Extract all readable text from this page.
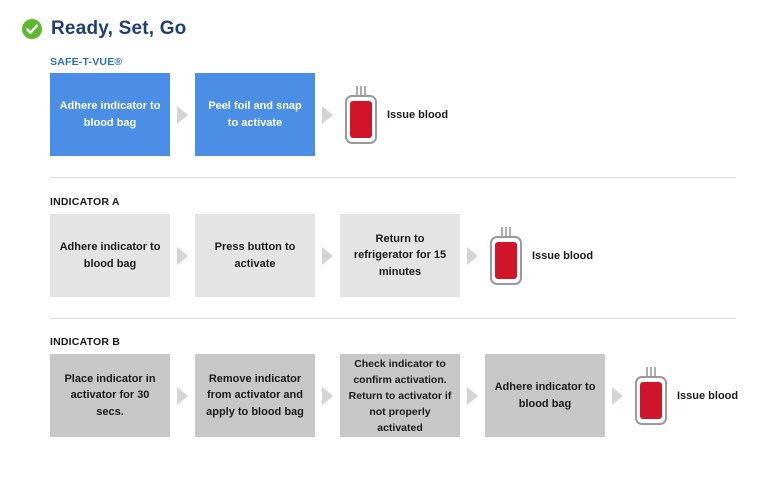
Ready, Set, Go
SAFE-T-VUE®
Adhere indicator to blood bag
Peel foil and snap to activate
Issue blood
INDICATOR A
Adhere indicator to blood bag
Press button to activate
Return to refrigerator for 15 minutes
Issue blood
INDICATOR B
Place indicator in activator for 30 secs.
Remove indicator from activator and apply to blood bag
Check indicator to confirm activation. Return to activator if not properly activated
Adhere indicator to blood bag
Issue blood
